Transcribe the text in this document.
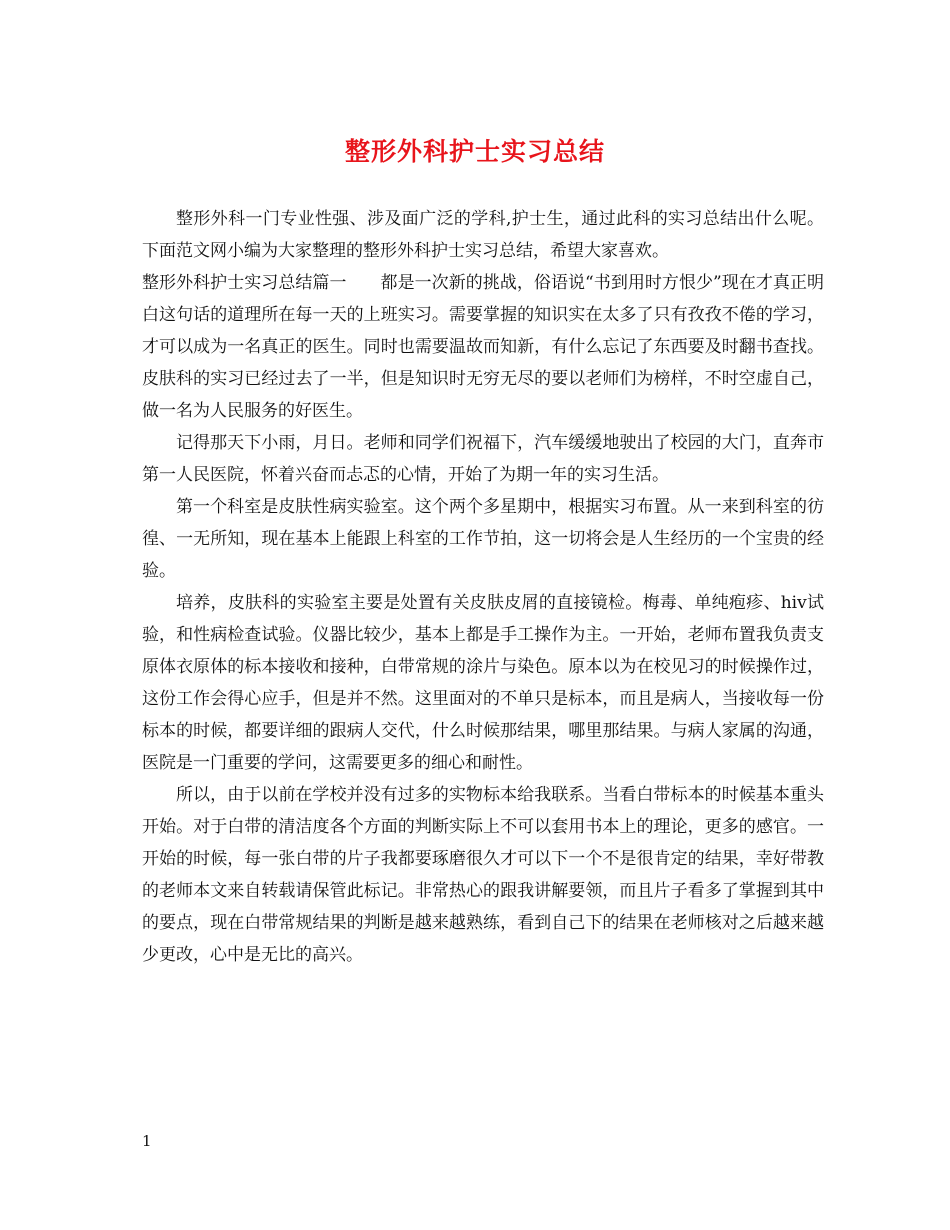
整形外科护士实习总结

整形外科一门专业性强、涉及面广泛的学科,护士生，通过此科的实习总结出什么呢。下面范文网小编为大家整理的整形外科护士实习总结，希望大家喜欢。

整形外科护士实习总结篇一　　都是一次新的挑战，俗语说“书到用时方恨少”现在才真正明白这句话的道理所在每一天的上班实习。需要掌握的知识实在太多了只有孜孜不倦的学习，才可以成为一名真正的医生。同时也需要温故而知新，有什么忘记了东西要及时翻书查找。皮肤科的实习已经过去了一半，但是知识时无穷无尽的要以老师们为榜样，不时空虚自己，做一名为人民服务的好医生。

记得那天下小雨，月日。老师和同学们祝福下，汽车缓缓地驶出了校园的大门，直奔市第一人民医院，怀着兴奋而忐忑的心情，开始了为期一年的实习生活。

第一个科室是皮肤性病实验室。这个两个多星期中，根据实习布置。从一来到科室的彷徨、一无所知，现在基本上能跟上科室的工作节拍，这一切将会是人生经历的一个宝贵的经验。

培养，皮肤科的实验室主要是处置有关皮肤皮屑的直接镜检。梅毒、单纯疱疹、hiv试验，和性病检查试验。仪器比较少，基本上都是手工操作为主。一开始，老师布置我负责支原体衣原体的标本接收和接种，白带常规的涂片与染色。原本以为在校见习的时候操作过，这份工作会得心应手，但是并不然。这里面对的不单只是标本，而且是病人，当接收每一份标本的时候，都要详细的跟病人交代，什么时候那结果，哪里那结果。与病人家属的沟通，医院是一门重要的学问，这需要更多的细心和耐性。

所以，由于以前在学校并没有过多的实物标本给我联系。当看白带标本的时候基本重头开始。对于白带的清洁度各个方面的判断实际上不可以套用书本上的理论，更多的感官。一开始的时候，每一张白带的片子我都要琢磨很久才可以下一个不是很肯定的结果，幸好带教的老师本文来自转载请保管此标记。非常热心的跟我讲解要领，而且片子看多了掌握到其中的要点，现在白带常规结果的判断是越来越熟练，看到自己下的结果在老师核对之后越来越少更改，心中是无比的高兴。

1
